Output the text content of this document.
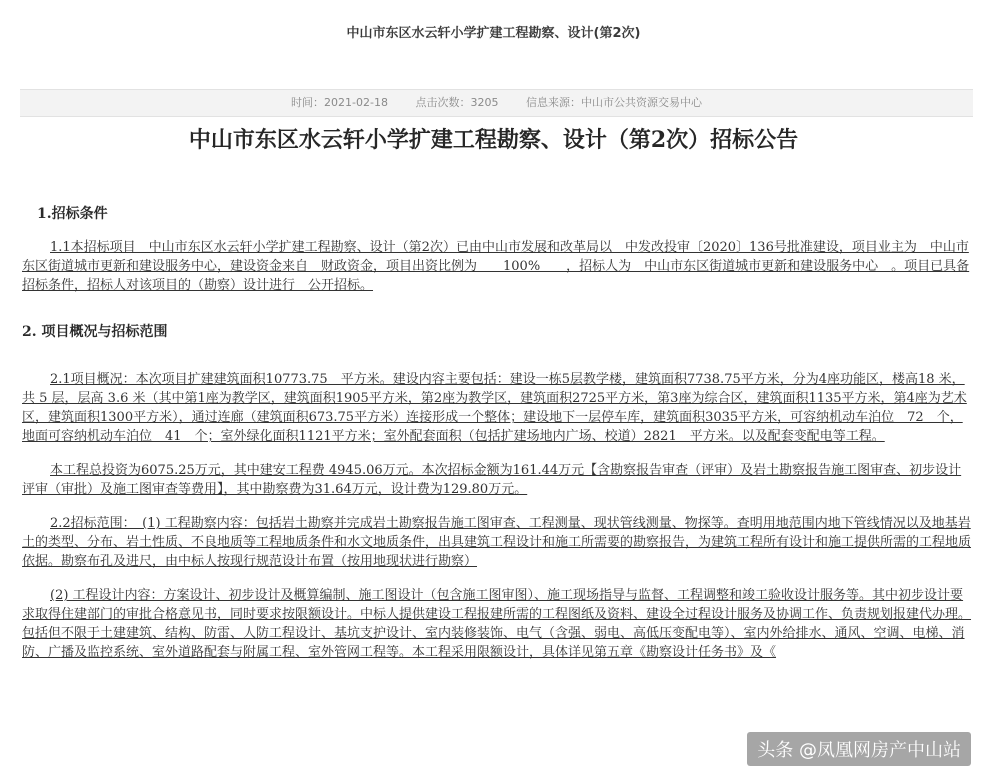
中山市东区水云轩小学扩建工程勘察、设计(第2次)
时间：2021-02-18	点击次数：3205	信息来源：中山市公共资源交易中心
中山市东区水云轩小学扩建工程勘察、设计（第2次）招标公告
1.招标条件

1.1本招标项目　中山市东区水云轩小学扩建工程勘察、设计（第2次）已由中山市发展和改革局以　中发改投审〔2020〕136号批准建设，项目业主为　中山市东区街道城市更新和建设服务中心，建设资金来自　财政资金，项目出资比例为　　100%　　，招标人为　中山市东区街道城市更新和建设服务中心　。项目已具备招标条件，招标人对该项目的（勘察）设计进行　公开招标。

2. 项目概况与招标范围

2.1项目概况：本次项目扩建建筑面积10773.75　平方米。建设内容主要包括：建设一栋5层教学楼，建筑面积7738.75平方米，分为4座功能区，楼高18 米，共 5 层，层高 3.6 米（其中第1座为教学区，建筑面积1905平方米，第2座为教学区，建筑面积2725平方米，第3座为综合区，建筑面积1135平方米，第4座为艺术区，建筑面积1300平方米），通过连廊（建筑面积673.75平方米）连接形成一个整体；建设地下一层停车库，建筑面积3035平方米，可容纳机动车泊位　72　个，地面可容纳机动车泊位　41　个；室外绿化面积1121平方米；室外配套面积（包括扩建场地内广场、校道）2821　平方米。以及配套变配电等工程。

本工程总投资为6075.25万元，其中建安工程费 4945.06万元。本次招标金额为161.44万元【含勘察报告审查（评审）及岩土勘察报告施工图审查、初步设计评审（审批）及施工图审查等费用】，其中勘察费为31.64万元，设计费为129.80万元。

2.2招标范围：　(1) 工程勘察内容：包括岩土勘察并完成岩土勘察报告施工图审查、工程测量、现状管线测量、物探等。查明用地范围内地下管线情况以及地基岩土的类型、分布、岩土性质、不良地质等工程地质条件和水文地质条件，出具建筑工程设计和施工所需要的勘察报告，为建筑工程所有设计和施工提供所需的工程地质依据。勘察布孔及进尺，由中标人按现行规范设计布置（按用地现状进行勘察）

(2) 工程设计内容：方案设计、初步设计及概算编制、施工图设计（包含施工图审图）、施工现场指导与监督、工程调整和竣工验收设计服务等。其中初步设计要求取得住建部门的审批合格意见书，同时要求按限额设计。中标人提供建设工程报建所需的工程图纸及资料、建设全过程设计服务及协调工作、负责规划报建代办理。包括但不限于土建建筑、结构、防雷、人防工程设计、基坑支护设计、室内装修装饰、电气（含强、弱电、高低压变配电等）、室内外给排水、通风、空调、电梯、消防、广播及监控系统、室外道路配套与附属工程、室外管网工程等。本工程采用限额设计，具体详见第五章《勘察设计任务书》及《

头条 @凤凰网房产中山站
